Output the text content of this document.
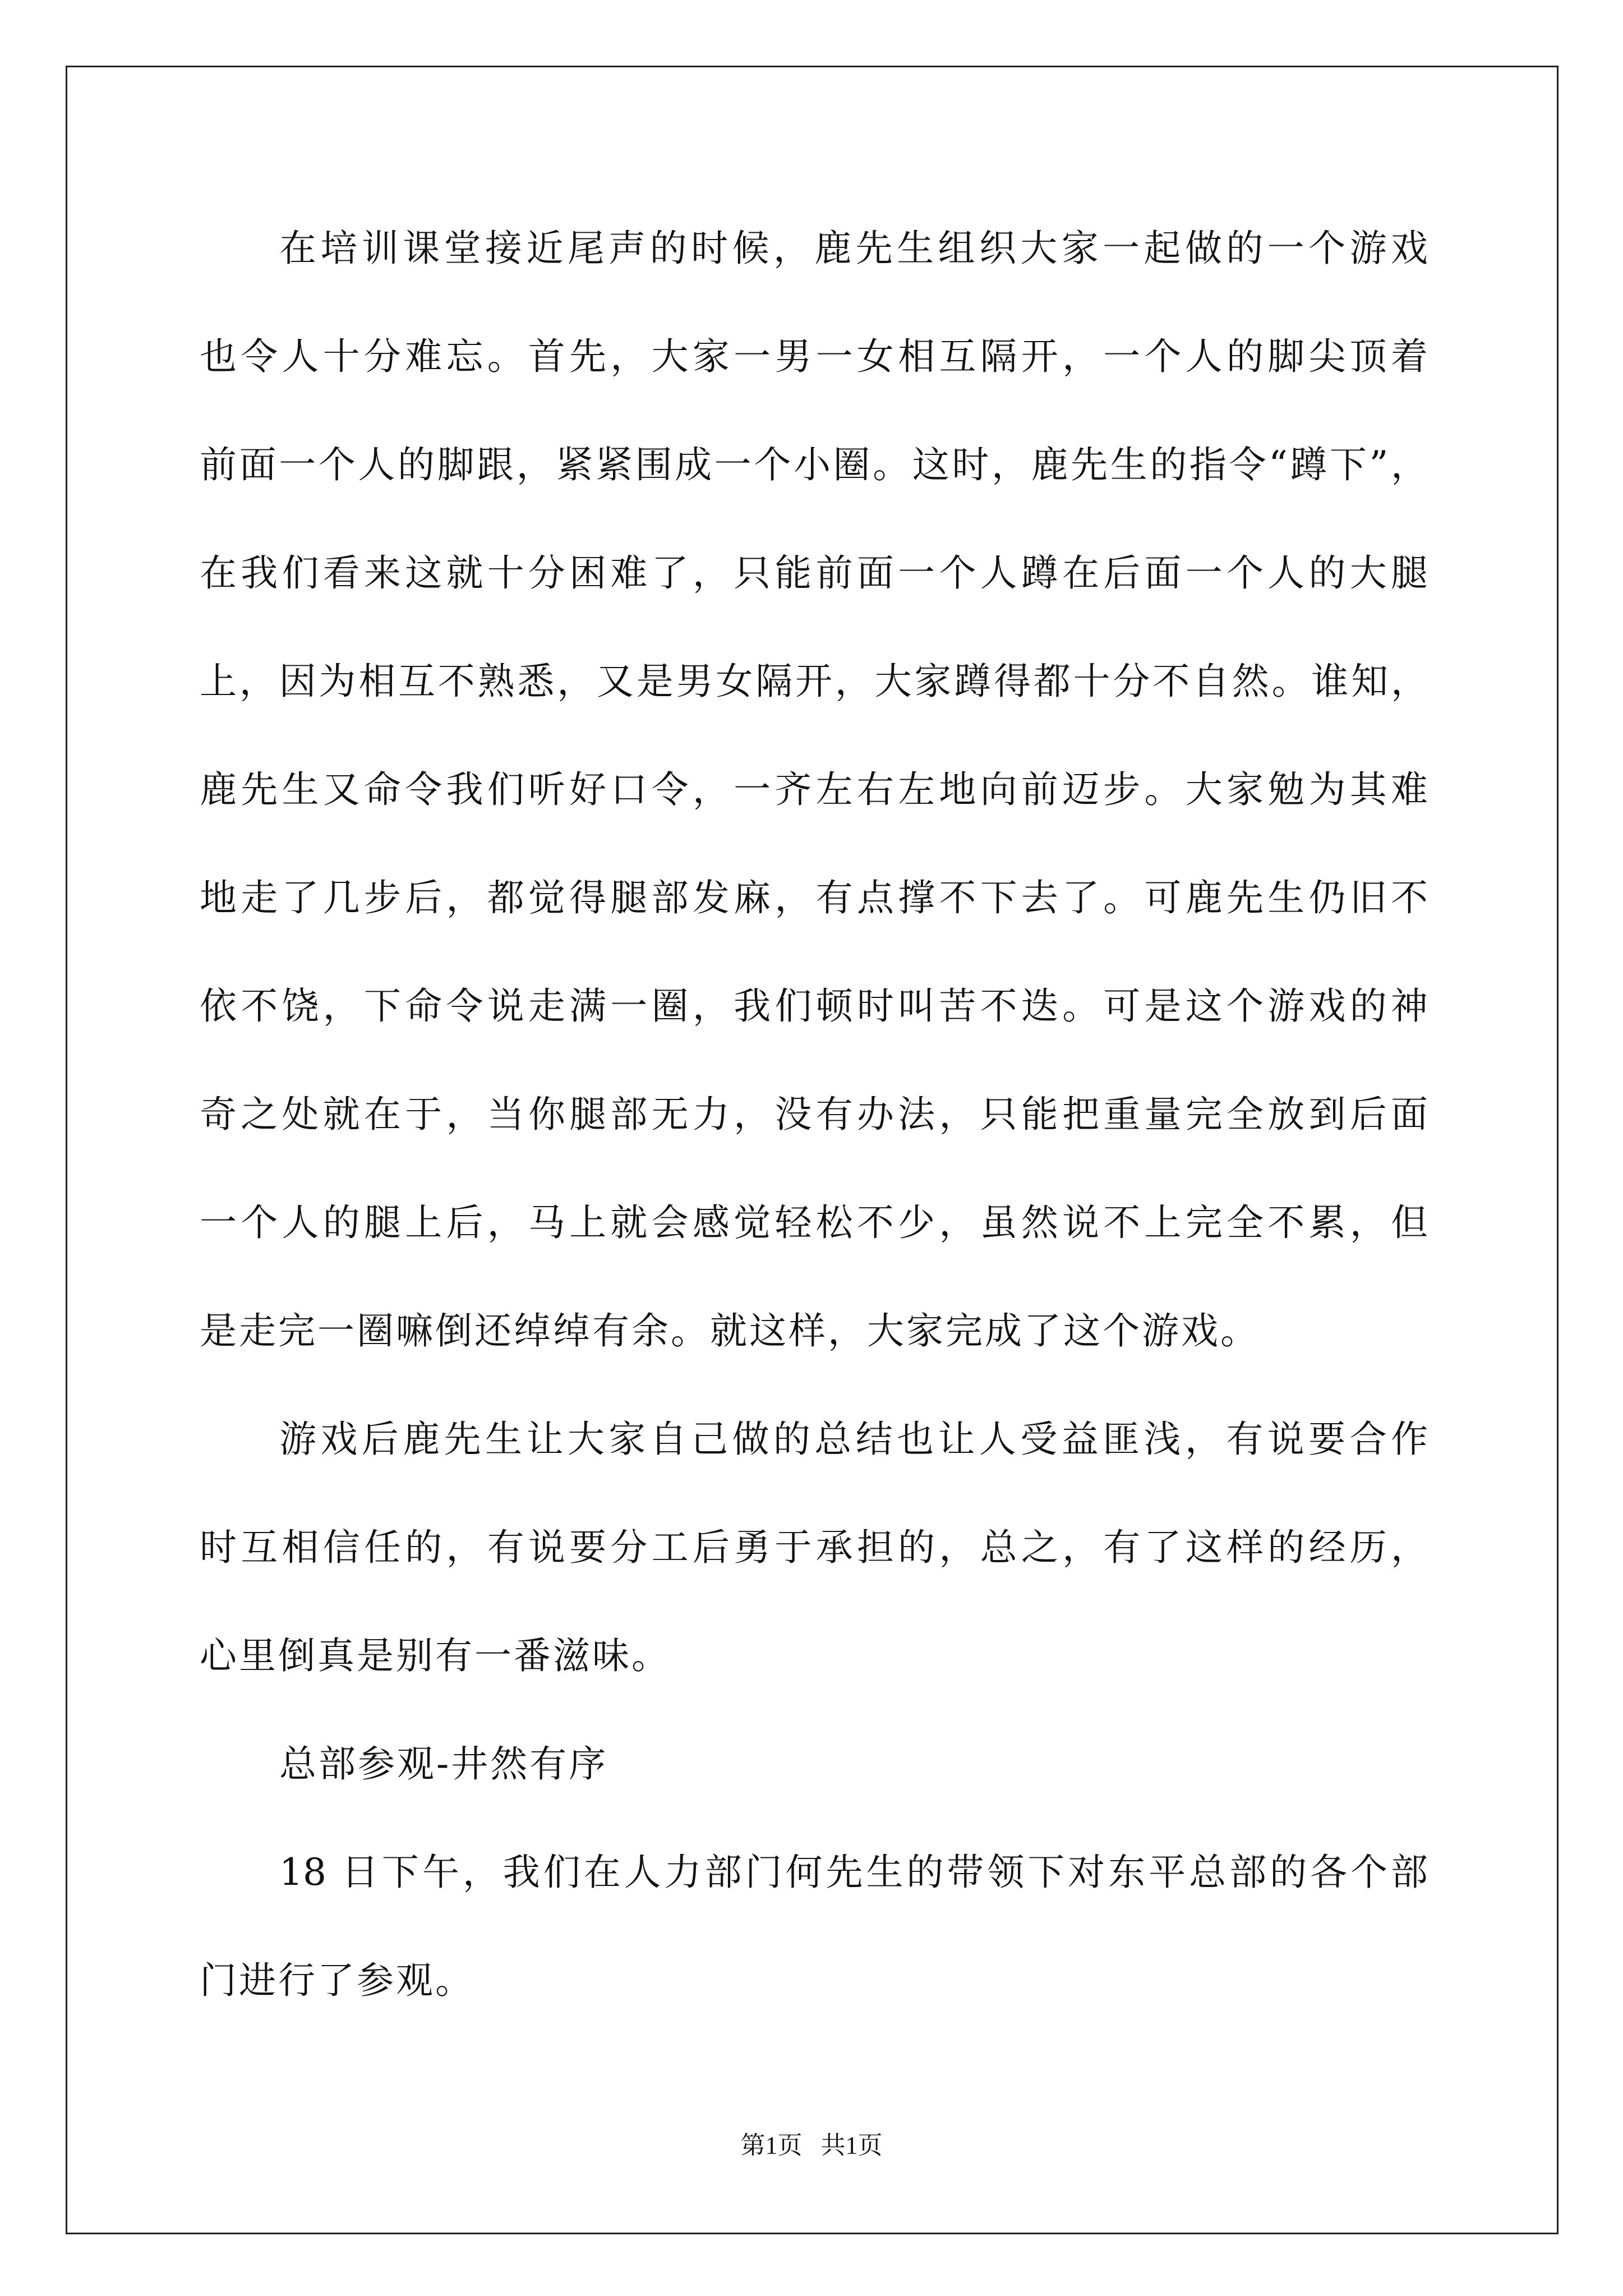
在培训课堂接近尾声的时候，鹿先生组织大家一起做的一个游戏
也令人十分难忘。首先，大家一男一女相互隔开，一个人的脚尖顶着
前面一个人的脚跟，紧紧围成一个小圈。这时，鹿先生的指令“蹲下”，
在我们看来这就十分困难了，只能前面一个人蹲在后面一个人的大腿
上，因为相互不熟悉，又是男女隔开，大家蹲得都十分不自然。谁知，
鹿先生又命令我们听好口令，一齐左右左地向前迈步。大家勉为其难
地走了几步后，都觉得腿部发麻，有点撑不下去了。可鹿先生仍旧不
依不饶，下命令说走满一圈，我们顿时叫苦不迭。可是这个游戏的神
奇之处就在于，当你腿部无力，没有办法，只能把重量完全放到后面
一个人的腿上后，马上就会感觉轻松不少，虽然说不上完全不累，但
是走完一圈嘛倒还绰绰有余。就这样，大家完成了这个游戏。
游戏后鹿先生让大家自己做的总结也让人受益匪浅，有说要合作
时互相信任的，有说要分工后勇于承担的，总之，有了这样的经历，
心里倒真是别有一番滋味。
总部参观-井然有序
18 日下午，我们在人力部门何先生的带领下对东平总部的各个部
门进行了参观。
第1页   共1页
